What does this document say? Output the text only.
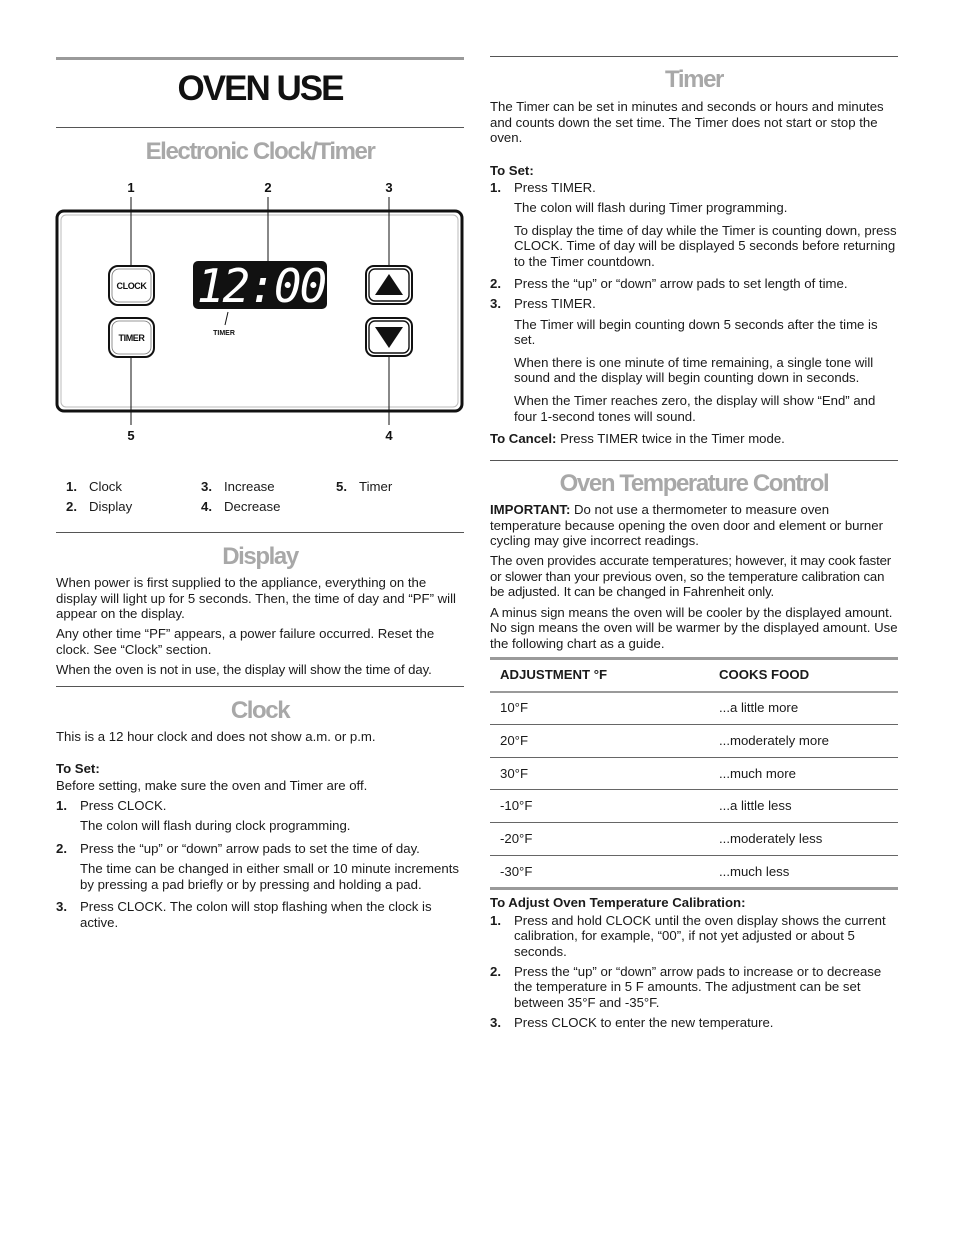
OVEN USE
Electronic Clock/Timer
1	2	3
5	4
CLOCK
TIMER
12:00
TIMER
1. Clock
2. Display
3. Increase
4. Decrease
5. Timer
Display

When power is first supplied to the appliance, everything on the display will light up for 5 seconds. Then, the time of day and “PF” will appear on the display.

Any other time “PF” appears, a power failure occurred. Reset the clock. See “Clock” section.

When the oven is not in use, the display will show the time of day.

Clock

This is a 12 hour clock and does not show a.m. or p.m.

To Set:

Before setting, make sure the oven and Timer are off.

1. Press CLOCK.

The colon will flash during clock programming.

2. Press the “up” or “down” arrow pads to set the time of day.

The time can be changed in either small or 10 minute increments by pressing a pad briefly or by pressing and holding a pad.

3. Press CLOCK. The colon will stop flashing when the clock is active.
Timer

The Timer can be set in minutes and seconds or hours and minutes and counts down the set time. The Timer does not start or stop the oven.

To Set:

1. Press TIMER.

The colon will flash during Timer programming.

To display the time of day while the Timer is counting down, press CLOCK. Time of day will be displayed 5 seconds before returning to the Timer countdown.

2. Press the “up” or “down” arrow pads to set length of time.
3. Press TIMER.

The Timer will begin counting down 5 seconds after the time is set.

When there is one minute of time remaining, a single tone will sound and the display will begin counting down in seconds.

When the Timer reaches zero, the display will show “End” and four 1-second tones will sound.

To Cancel: Press TIMER twice in the Timer mode.

Oven Temperature Control

IMPORTANT: Do not use a thermometer to measure oven temperature because opening the oven door and element or burner cycling may give incorrect readings.

The oven provides accurate temperatures; however, it may cook faster or slower than your previous oven, so the temperature calibration can be adjusted. It can be changed in Fahrenheit only.

A minus sign means the oven will be cooler by the displayed amount. No sign means the oven will be warmer by the displayed amount. Use the following chart as a guide.

ADJUSTMENT °F	COOKS FOOD
10°F	...a little more
20°F	...moderately more
30°F	...much more
-10°F	...a little less
-20°F	...moderately less
-30°F	...much less

To Adjust Oven Temperature Calibration:

1. Press and hold CLOCK until the oven display shows the current calibration, for example, “00”, if not yet adjusted or about 5 seconds.
2. Press the “up” or “down” arrow pads to increase or to decrease the temperature in 5 F amounts. The adjustment can be set between 35°F and -35°F.
3. Press CLOCK to enter the new temperature.
